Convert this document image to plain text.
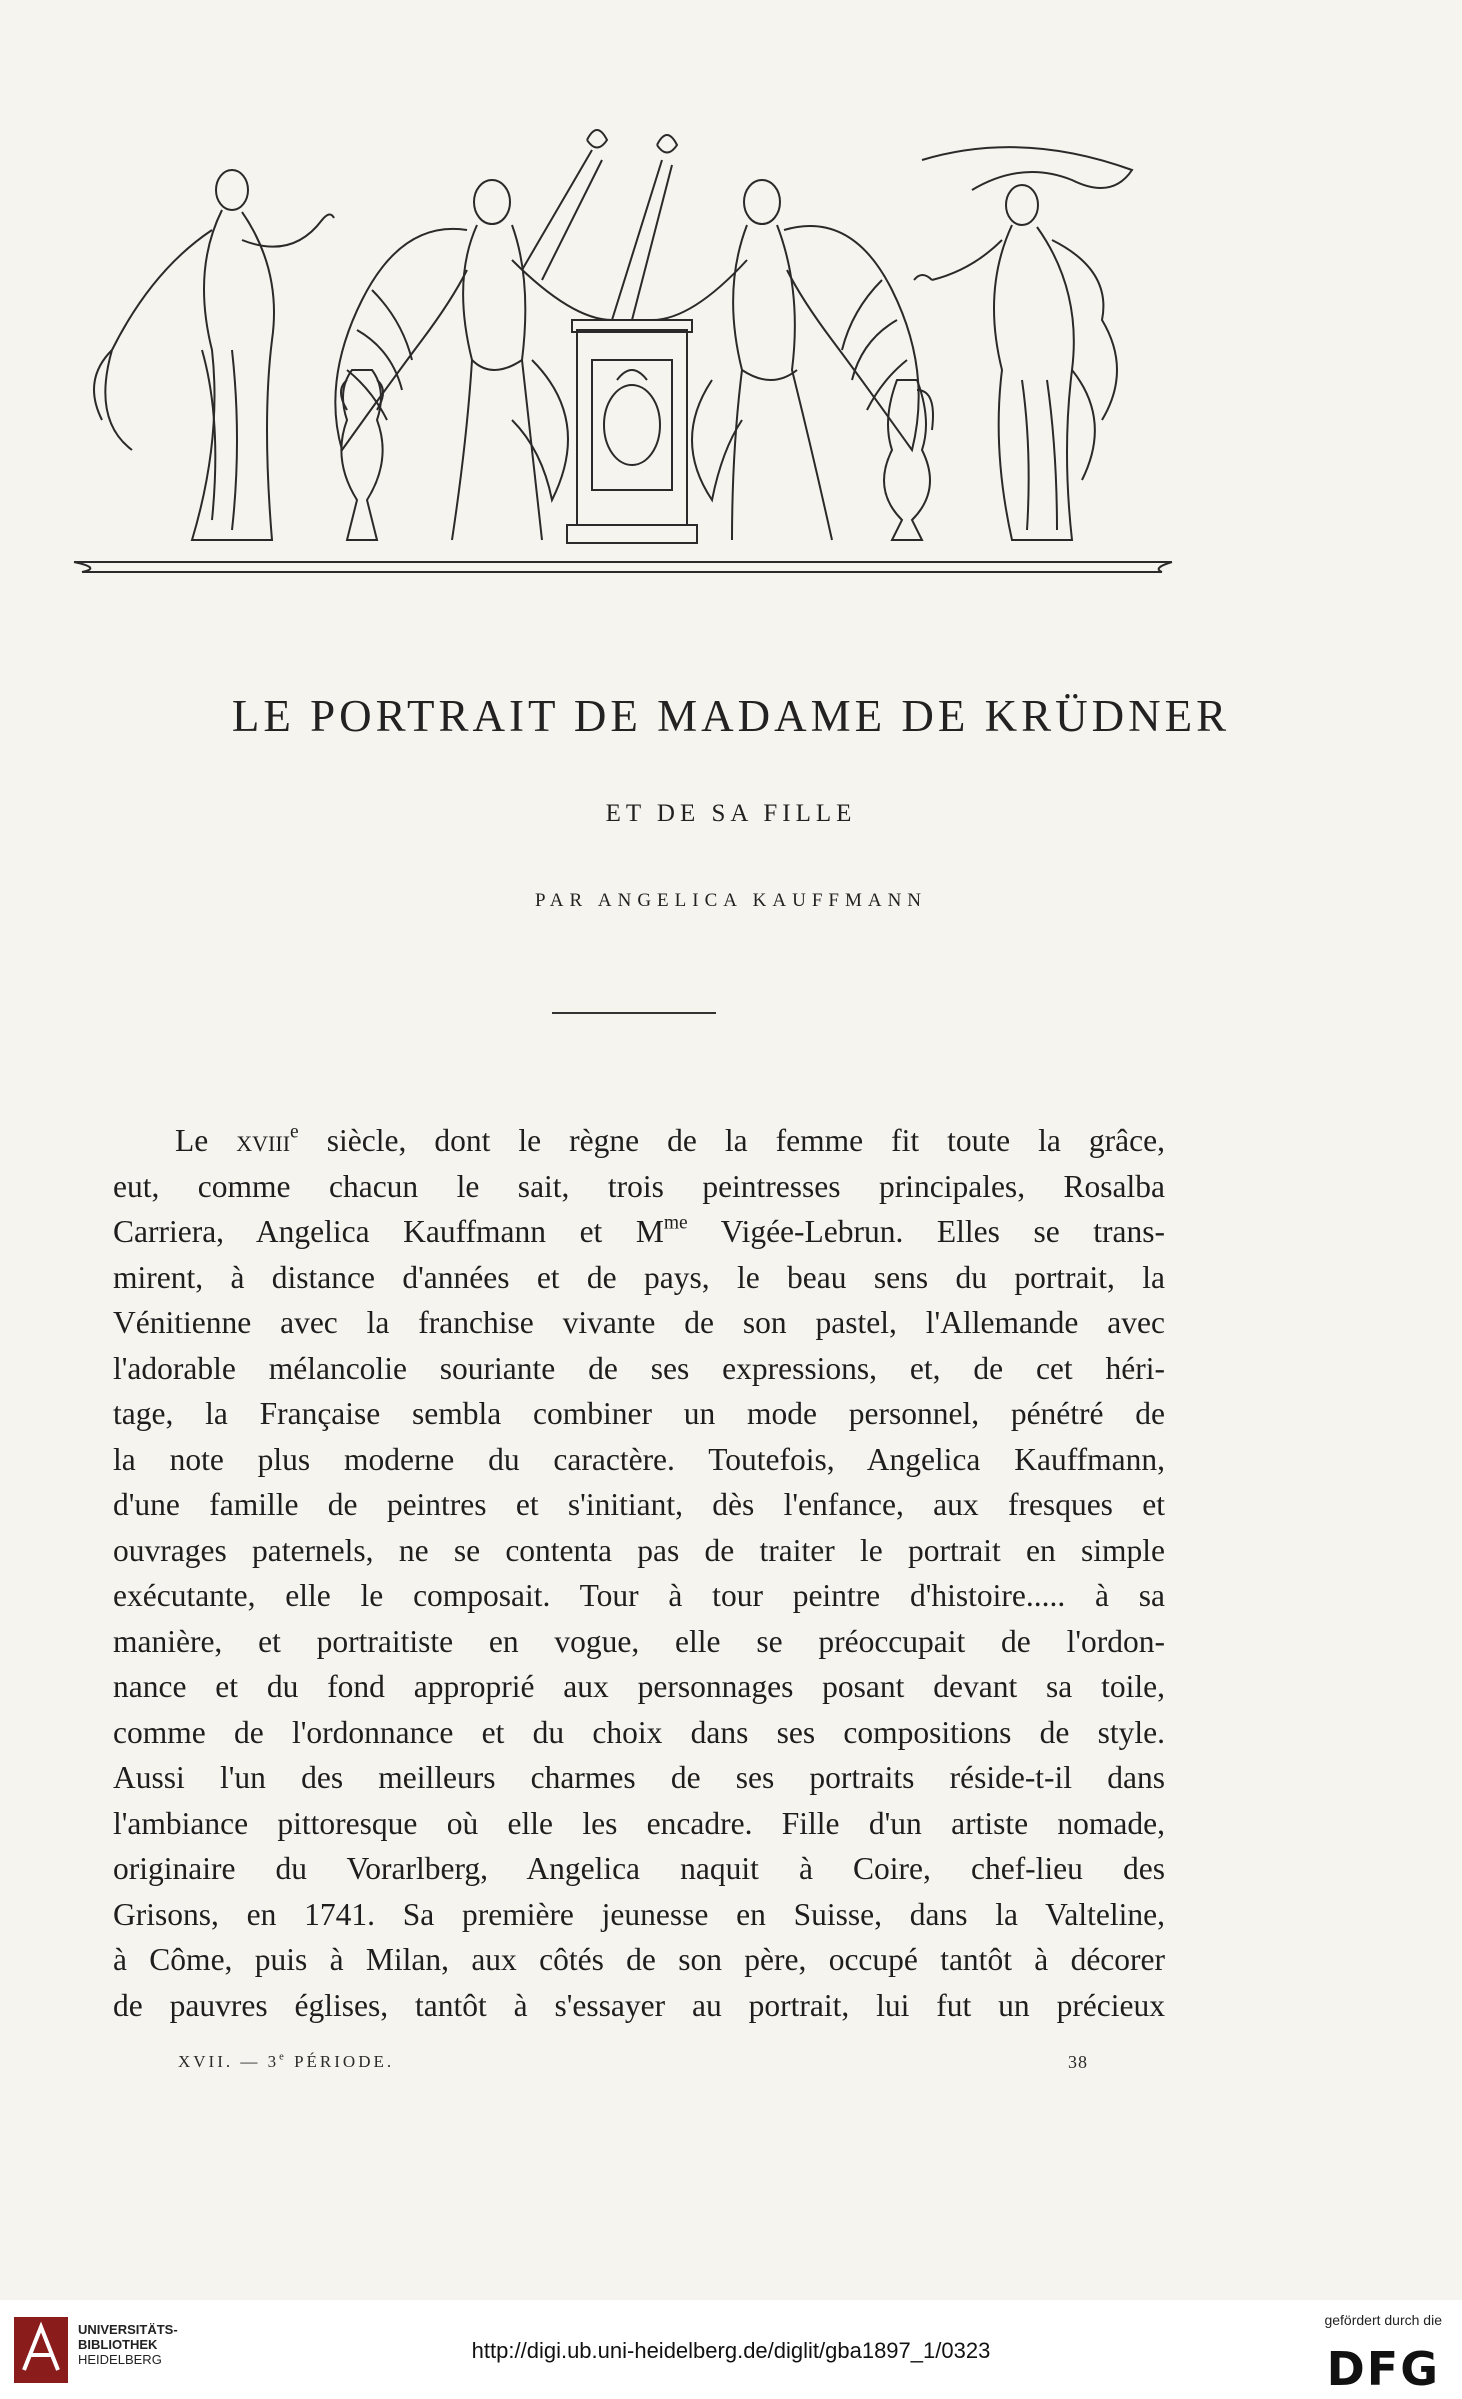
LE PORTRAIT DE MADAME DE KRÜDNER
ET DE SA FILLE
PAR ANGELICA KAUFFMANN
Le xviii$^e$ siècle, dont le règne de la femme fit toute la grâce,
eut, comme chacun le sait, trois peintresses principales, Rosalba
Carriera, Angelica Kauffmann et $M^{me}$ Vigée-Lebrun. Elles se trans-
mirent, à distance d'années et de pays, le beau sens du portrait, la
Vénitienne avec la franchise vivante de son pastel, l'Allemande avec
l'adorable mélancolie souriante de ses expressions, et, de cet héri-
tage, la Française sembla combiner un mode personnel, pénétré de
la note plus moderne du caractère. Toutefois, Angelica Kauffmann,
d'une famille de peintres et s'initiant, dès l'enfance, aux fresques et
ouvrages paternels, ne se contenta pas de traiter le portrait en simple
exécutante, elle le composait. Tour à tour peintre d'histoire..... à sa
manière, et portraitiste en vogue, elle se préoccupait de l'ordon-
nance et du fond approprié aux personnages posant devant sa toile,
comme de l'ordonnance et du choix dans ses compositions de style.
Aussi l'un des meilleurs charmes de ses portraits réside-t-il dans
l'ambiance pittoresque où elle les encadre. Fille d'un artiste nomade,
originaire du Vorarlberg, Angelica naquit à Coire, chef-lieu des
Grisons, en 1741. Sa première jeunesse en Suisse, dans la Valteline,
à Côme, puis à Milan, aux côtés de son père, occupé tantôt à décorer
de pauvres églises, tantôt à s'essayer au portrait, lui fut un précieux
XVII. — 3e PÉRIODE.	38
UNIVERSITÄTS-
BIBLIOTHEK
HEIDELBERG	http://digi.ub.uni-heidelberg.de/diglit/gba1897_1/0323
gefördert durch die
DFG
